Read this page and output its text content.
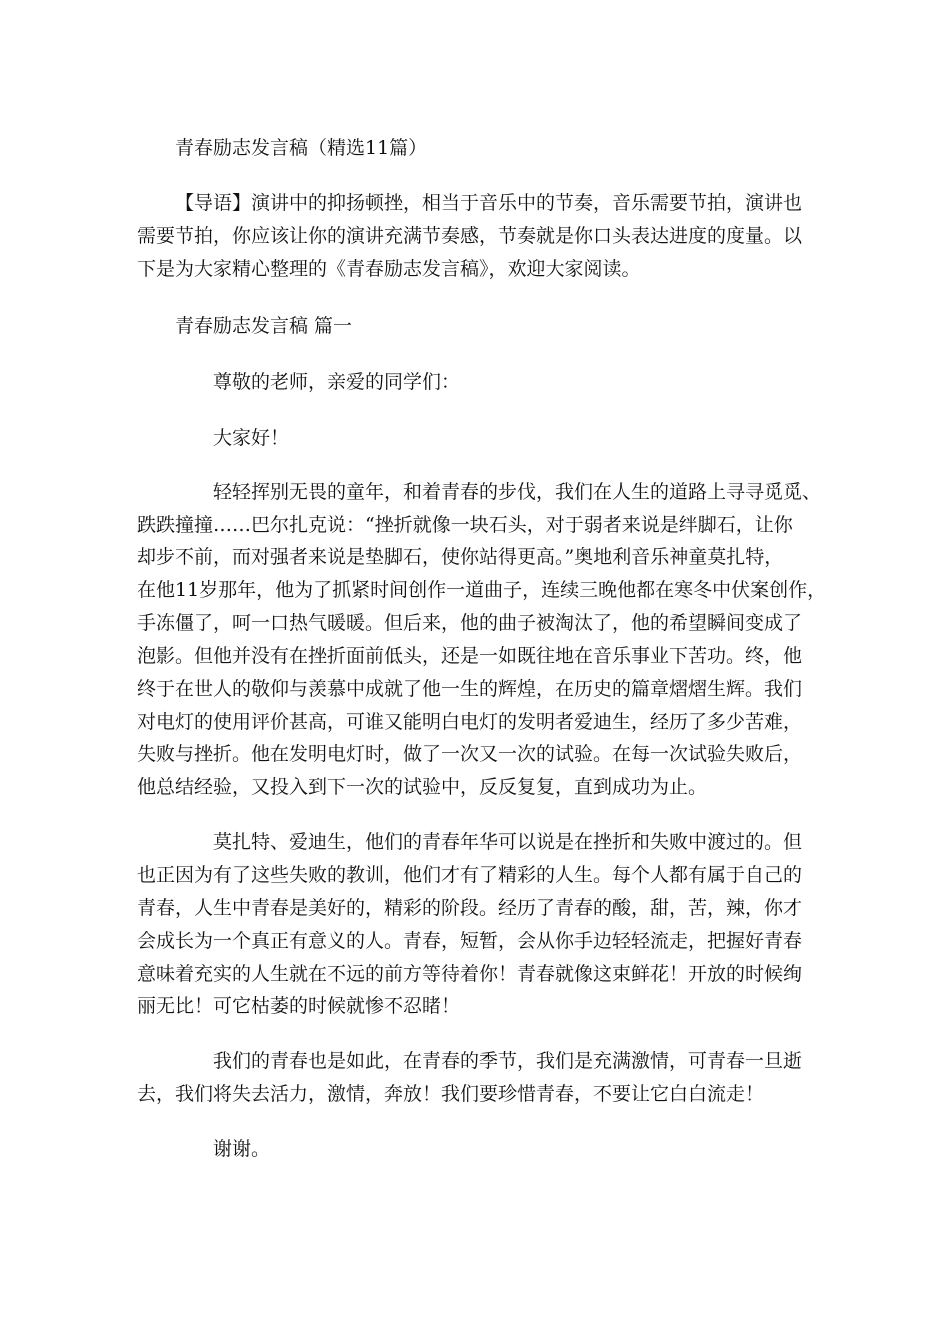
青春励志发言稿（精选11篇）
【导语】演讲中的抑扬顿挫，相当于音乐中的节奏，音乐需要节拍，演讲也
需要节拍，你应该让你的演讲充满节奏感，节奏就是你口头表达进度的度量。以
下是为大家精心整理的《青春励志发言稿》，欢迎大家阅读。
青春励志发言稿 篇一
尊敬的老师，亲爱的同学们：
大家好！
轻轻挥别无畏的童年，和着青春的步伐，我们在人生的道路上寻寻觅觅、
跌跌撞撞……巴尔扎克说：“挫折就像一块石头，对于弱者来说是绊脚石，让你
却步不前，而对强者来说是垫脚石，使你站得更高。”奥地利音乐神童莫扎特，
在他11岁那年，他为了抓紧时间创作一道曲子，连续三晚他都在寒冬中伏案创作，
手冻僵了，呵一口热气暖暖。但后来，他的曲子被淘汰了，他的希望瞬间变成了
泡影。但他并没有在挫折面前低头，还是一如既往地在音乐事业下苦功。终，他
终于在世人的敬仰与羡慕中成就了他一生的辉煌，在历史的篇章熠熠生辉。我们
对电灯的使用评价甚高，可谁又能明白电灯的发明者爱迪生，经历了多少苦难，
失败与挫折。他在发明电灯时，做了一次又一次的试验。在每一次试验失败后，
他总结经验，又投入到下一次的试验中，反反复复，直到成功为止。
莫扎特、爱迪生，他们的青春年华可以说是在挫折和失败中渡过的。但
也正因为有了这些失败的教训，他们才有了精彩的人生。每个人都有属于自己的
青春，人生中青春是美好的，精彩的阶段。经历了青春的酸，甜，苦，辣，你才
会成长为一个真正有意义的人。青春，短暂，会从你手边轻轻流走，把握好青春
意味着充实的人生就在不远的前方等待着你！青春就像这束鲜花！开放的时候绚
丽无比！可它枯萎的时候就惨不忍睹！
我们的青春也是如此，在青春的季节，我们是充满激情，可青春一旦逝
去，我们将失去活力，激情，奔放！我们要珍惜青春，不要让它白白流走！
谢谢。
